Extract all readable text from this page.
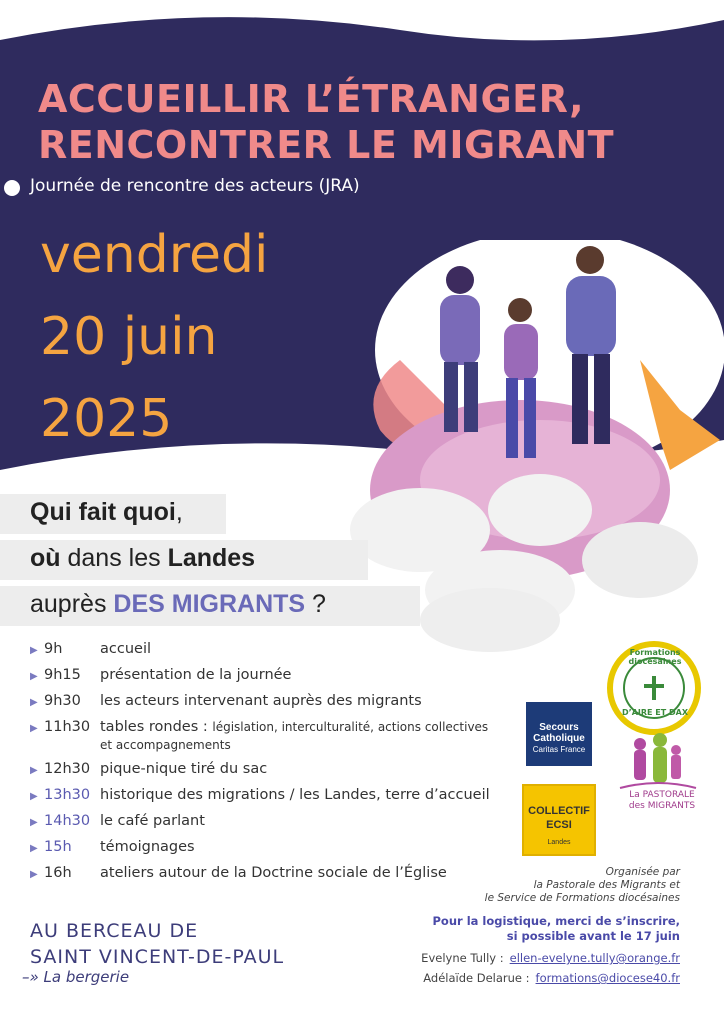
ACCUEILLIR L’ÉTRANGER,
RENCONTRER LE MIGRANT
Journée de rencontre des acteurs (JRA)
vendredi
20 juin
2025
Qui fait quoi,
où dans les Landes
auprès DES MIGRANTS ?
▶ 9h	accueil
▶ 9h15	présentation de la journée
▶ 9h30	les acteurs intervenant auprès des migrants
▶ 11h30 tables rondes : législation, interculturalité, actions collectives et accompagnements
▶ 12h30 pique-nique tiré du sac
▶ 13h30 historique des migrations / les Landes, terre d’accueil
▶ 14h30 le café parlant
▶ 15h	témoignages
▶ 16h	ateliers autour de la Doctrine sociale de l’Église
AU BERCEAU DE
SAINT VINCENT-DE-PAUL
–» La bergerie
Secours
Catholique
Caritas France
COLLECTIF
ECSI
Landes
Formations diocésaines
D’AIRE ET DAX
La PASTORALE
des MIGRANTS
Organisée par
la Pastorale des Migrants et
le Service de Formations diocésaines
Pour la logistique, merci de s’inscrire,
si possible avant le 17 juin
Evelyne Tully : ellen-evelyne.tully@orange.fr
Adélaïde Delarue : formations@diocese40.fr
